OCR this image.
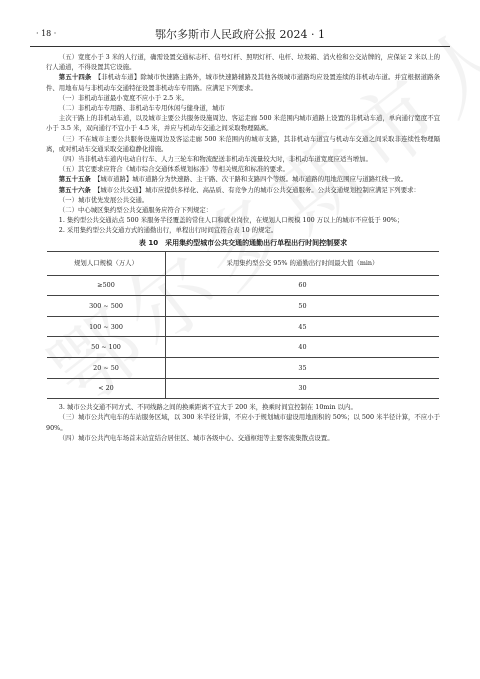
· 18 ·	鄂尔多斯市人民政府公报 2024 · 1

（五）宽度小于 3 米的人行道，确需设置交通标志杆、信号灯杆、照明灯杆、电杆、垃圾箱、消火栓和公交站牌的，应保证 2 米以上的行人通道，不得设置其它设施。

第五十四条　 【非机动车道】除城市快速路主路外，城市快速路辅路及其他各级城市道路均应设置连续的非机动车道。并宜根据道路条件、用地布局与非机动车交通特征设置非机动车专用路。应满足下列要求。

（一）非机动车道最小宽度不应小于 2.5 米。

（二）非机动车专用路、非机动车专用休闲与健身道，城市

主次干路上的非机动车道，以及城市主要公共服务设施周边、客运走廊 500 米范围内城市道路上设置的非机动车道，单向通行宽度不宜小于 3.5 米，双向通行不宜小于 4.5 米，并应与机动车交通之间采取物理隔离。

（三）不在城市主要公共服务设施周边及客运走廊 500 米范围内的城市支路，其非机动车道宜与机动车交通之间采取非连续性物理隔离，或对机动车交通采取交通稳静化措施。

（四）当非机动车道内电动自行车、人力三轮车和物流配送非机动车流量较大时，非机动车道宽度应适当增加。

（五）其它要求应符合《城市综合交通体系规划标准》等相关规范和标准的要求。

第五十五条　 【城市道路】城市道路分为快速路、主干路、次干路和支路四个等级。城市道路的用地范围应与道路红线一致。

第五十六条　 【城市公共交通】城市应提供多样化、高品质、有竞争力的城市公共交通服务。公共交通规划控制应满足下列要求：

（一）城市优先发展公共交通。

（二）中心城区集约型公共交通服务应符合下列规定：

1. 集约型公共交通站点 500 米服务半径覆盖的常住人口和就业岗位，在规划人口规模 100 万以上的城市不应低于 90%；

2. 采用集约型公共交通方式的通勤出行，单程出行时间宜符合表 10 的规定。

表 10　采用集约型城市公共交通的通勤出行单程出行时间控制要求
规划人口规模（万人）	采用集约型公交 95% 的通勤出行时间最大值（min）
≥500	60
300 ~ 500	50
100 ~ 300	45
50 ~ 100	40
20 ~ 50	35
< 20	30

3. 城市公共交通不同方式、不同线路之间的换乘距离不宜大于 200 米，换乘时间宜控制在 10min 以内。

（三）城市公共汽电车的车站服务区域，以 300 米半径计算，不应小于规划城市建设用地面积的 50%；以 500 米半径计算，不应小于 90%。

（四）城市公共汽电车场首末站宜结合居住区、城市各级中心、交通枢纽等主要客流集散点设置。
